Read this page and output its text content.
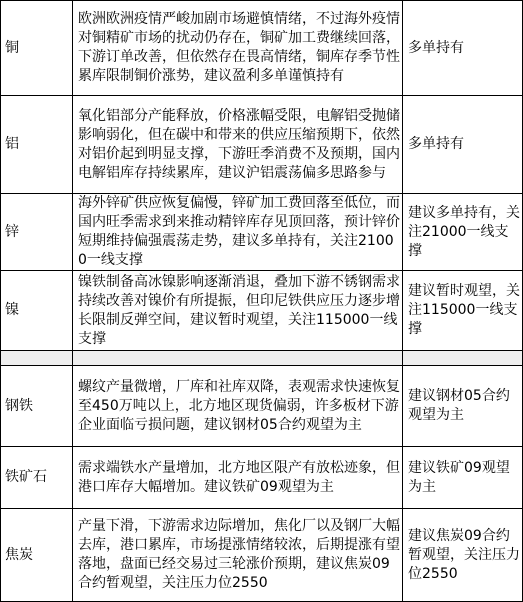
铜	欧洲欧洲疫情严峻加剧市场避慎情绪，不过海外疫情对铜精矿市场的扰动仍存在，铜矿加工费继续回落，下游订单改善，但依然存在畏高情绪，铜库存季节性累库限制铜价涨势，建议盈利多单谨慎持有	多单持有
铝	氧化铝部分产能释放，价格涨幅受限，电解铝受抛储影响弱化，但在碳中和带来的供应压缩预期下，依然对铝价起到明显支撑，下游旺季消费不及预期，国内电解铝库存持续累库，建议沪铝震荡偏多思路参与	多单持有
锌	海外锌矿供应恢复偏慢，锌矿加工费回落至低位，而国内旺季需求到来推动精锌库存见顶回落，预计锌价短期维持偏强震荡走势，建议多单持有，关注21000一线支撑	建议多单持有，关注21000一线支撑
镍	镍铁制备高冰镍影响逐渐消退，叠加下游不锈钢需求持续改善对镍价有所提振，但印尼铁供应压力逐步增长限制反弹空间，建议暂时观望，关注115000一线支撑	建议暂时观望，关注115000一线支撑

钢铁	螺纹产量微增，厂库和社库双降，表观需求快速恢复至450万吨以上，北方地区现货偏弱，许多板材下游企业面临亏损问题，建议钢材05合约观望为主	建议钢材05合约观望为主
铁矿石	需求端铁水产量增加，北方地区限产有放松迹象，但港口库存大幅增加。建议铁矿09观望为主	建议铁矿09观望为主
焦炭	产量下滑，下游需求边际增加，焦化厂以及钢厂大幅去库，港口累库，市场提涨情绪较浓，后期提涨有望落地，盘面已经交易过三轮涨价预期，建议焦炭09合约暂观望，关注压力位2550	建议焦炭09合约暂观望，关注压力位2550
